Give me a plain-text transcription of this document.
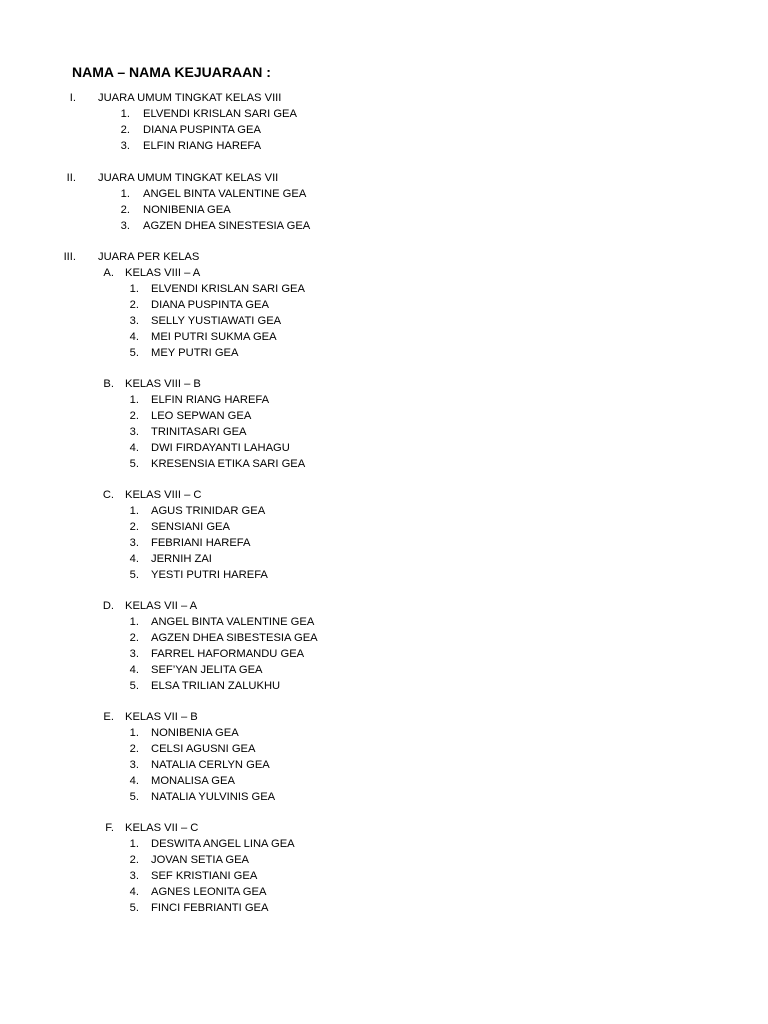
NAMA – NAMA KEJUARAAN :
I. JUARA UMUM TINGKAT KELAS VIII
1. ELVENDI KRISLAN SARI GEA
2. DIANA PUSPINTA GEA
3. ELFIN RIANG HAREFA
II. JUARA UMUM TINGKAT KELAS VII
1. ANGEL BINTA VALENTINE GEA
2. NONIBENIA GEA
3. AGZEN DHEA SINESTESIA GEA
III. JUARA PER KELAS
A. KELAS VIII – A
1. ELVENDI KRISLAN SARI GEA
2. DIANA PUSPINTA GEA
3. SELLY YUSTIAWATI GEA
4. MEI PUTRI SUKMA GEA
5. MEY PUTRI GEA
B. KELAS VIII – B
1. ELFIN RIANG HAREFA
2. LEO SEPWAN GEA
3. TRINITASARI GEA
4. DWI FIRDAYANTI LAHAGU
5. KRESENSIA ETIKA SARI GEA
C. KELAS VIII – C
1. AGUS TRINIDAR GEA
2. SENSIANI GEA
3. FEBRIANI HAREFA
4. JERNIH ZAI
5. YESTI PUTRI HAREFA
D. KELAS VII – A
1. ANGEL BINTA VALENTINE GEA
2. AGZEN DHEA SIBESTESIA GEA
3. FARREL HAFORMANDU GEA
4. SEF’YAN JELITA GEA
5. ELSA TRILIAN ZALUKHU
E. KELAS VII – B
1. NONIBENIA GEA
2. CELSI AGUSNI GEA
3. NATALIA CERLYN GEA
4. MONALISA GEA
5. NATALIA YULVINIS GEA
F. KELAS VII – C
1. DESWITA ANGEL LINA GEA
2. JOVAN SETIA GEA
3. SEF KRISTIANI GEA
4. AGNES LEONITA GEA
5. FINCI FEBRIANTI GEA
